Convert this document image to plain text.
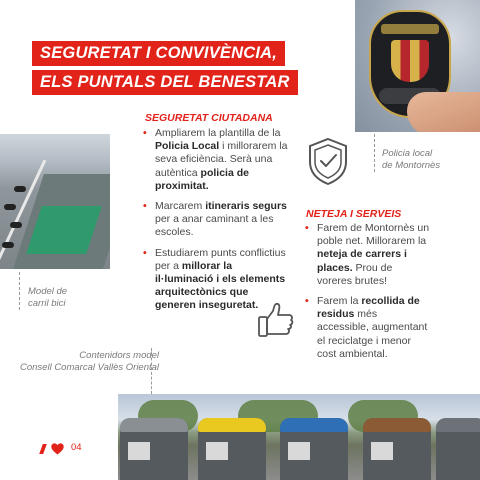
SEGURETAT I CONVIVÈNCIA,
ELS PUNTALS DEL BENESTAR
Policia local
de Montornès
Model de
carril bici
Contenidors model
Consell Comarcal Vallès Oriental
SEGURETAT CIUTADANA
• Ampliarem la plantilla de la Policia Local i millorarem la seva eficiència. Serà una autèntica policia de proximitat.
• Marcarem itineraris segurs per a anar caminant a les escoles.
• Estudiarem punts conflictius per a millorar la il·luminació i els elements arquitectònics que generen inseguretat.
NETEJA I SERVEIS
• Farem de Montornès un poble net. Millorarem la neteja de carrers i places. Prou de voreres brutes!
• Farem la recollida de residus més accessible, augmentant el reciclatge i menor cost ambiental.
04
